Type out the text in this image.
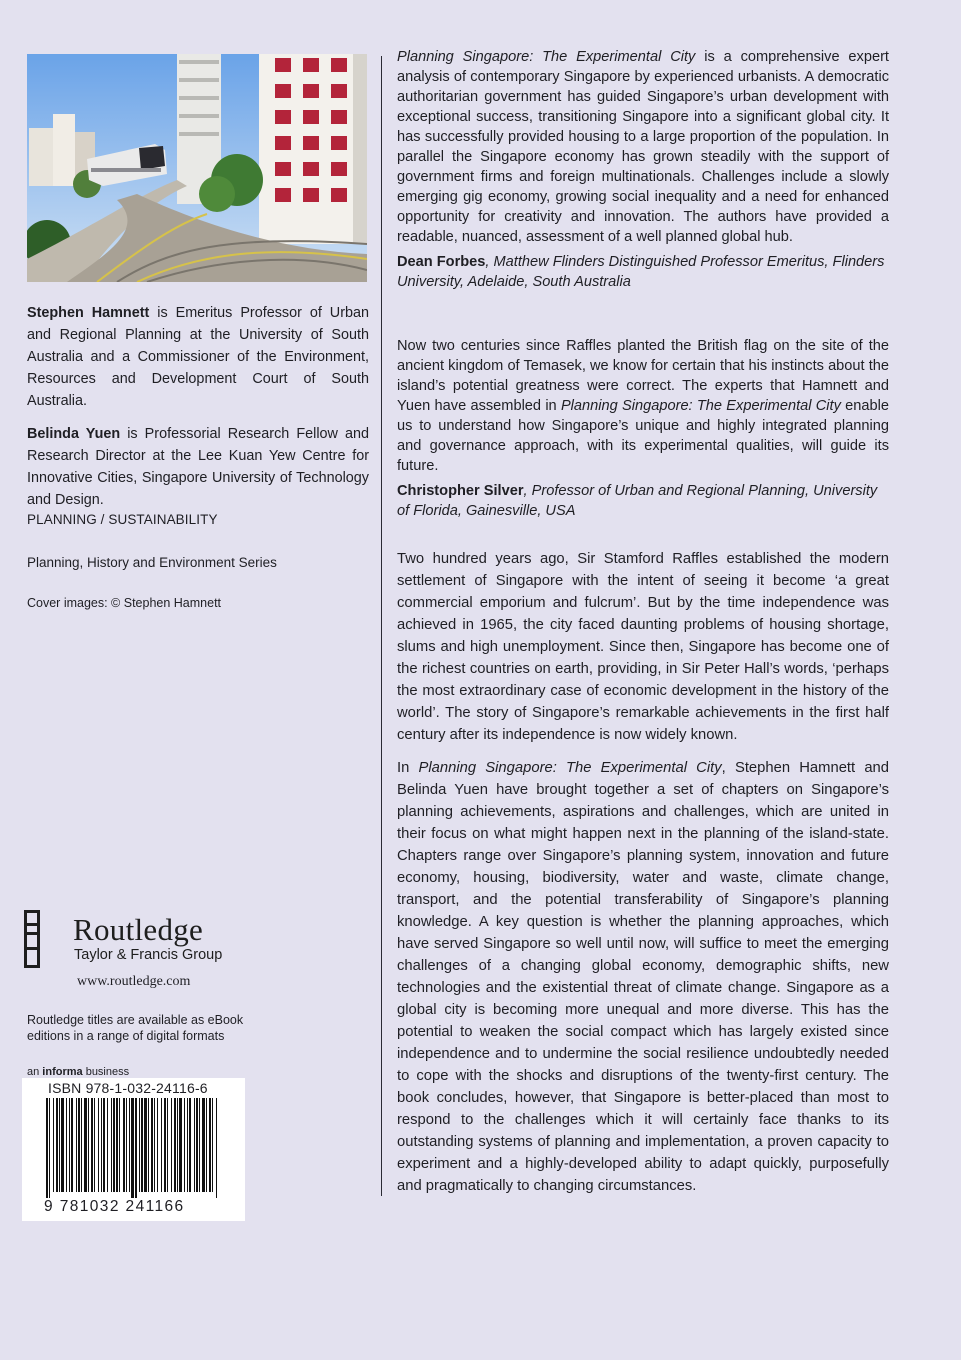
Stephen Hamnett is Emeritus Professor of Urban and Regional Planning at the University of South Australia and a Commissioner of the Environment, Resources and Development Court of South Australia.

Belinda Yuen is Professorial Research Fellow and Research Director at the Lee Kuan Yew Centre for Innovative Cities, Singapore University of Technology and Design.

PLANNING / SUSTAINABILITY
Planning, History and Environment Series
Cover images: © Stephen Hamnett
Routledge
Taylor & Francis Group
www.routledge.com
Routledge titles are available as eBook editions in a range of digital formats
an informa business
ISBN 978-1-032-24116-6
9 781032 241166

Planning Singapore: The Experimental City is a comprehensive expert analysis of contemporary Singapore by experienced urbanists. A democratic authoritarian government has guided Singapore’s urban development with exceptional success, transitioning Singapore into a significant global city. It has successfully provided housing to a large proportion of the population. In parallel the Singapore economy has grown steadily with the support of government firms and foreign multinationals. Challenges include a slowly emerging gig economy, growing social inequality and a need for enhanced opportunity for creativity and innovation. The authors have provided a readable, nuanced, assessment of a well planned global hub.

Dean Forbes, Matthew Flinders Distinguished Professor Emeritus, Flinders University, Adelaide, South Australia

Now two centuries since Raffles planted the British flag on the site of the ancient kingdom of Temasek, we know for certain that his instincts about the island’s potential greatness were correct. The experts that Hamnett and Yuen have assembled in Planning Singapore: The Experimental City enable us to understand how Singapore’s unique and highly integrated planning and governance approach, with its experimental qualities, will guide its future.

Christopher Silver, Professor of Urban and Regional Planning, University of Florida, Gainesville, USA

Two hundred years ago, Sir Stamford Raffles established the modern settlement of Singapore with the intent of seeing it become ‘a great commercial emporium and fulcrum’. But by the time independence was achieved in 1965, the city faced daunting problems of housing shortage, slums and high unemployment. Since then, Singapore has become one of the richest countries on earth, providing, in Sir Peter Hall’s words, ‘perhaps the most extraordinary case of economic development in the history of the world’. The story of Singapore’s remarkable achievements in the first half century after its independence is now widely known.

In Planning Singapore: The Experimental City, Stephen Hamnett and Belinda Yuen have brought together a set of chapters on Singapore’s planning achievements, aspirations and challenges, which are united in their focus on what might happen next in the planning of the island-state. Chapters range over Singapore’s planning system, innovation and future economy, housing, biodiversity, water and waste, climate change, transport, and the potential transferability of Singapore’s planning knowledge. A key question is whether the planning approaches, which have served Singapore so well until now, will suffice to meet the emerging challenges of a changing global economy, demographic shifts, new technologies and the existential threat of climate change. Singapore as a global city is becoming more unequal and more diverse. This has the potential to weaken the social compact which has largely existed since independence and to undermine the social resilience undoubtedly needed to cope with the shocks and disruptions of the twenty-first century. The book concludes, however, that Singapore is better-placed than most to respond to the challenges which it will certainly face thanks to its outstanding systems of planning and implementation, a proven capacity to experiment and a highly-developed ability to adapt quickly, purposefully and pragmatically to changing circumstances.
